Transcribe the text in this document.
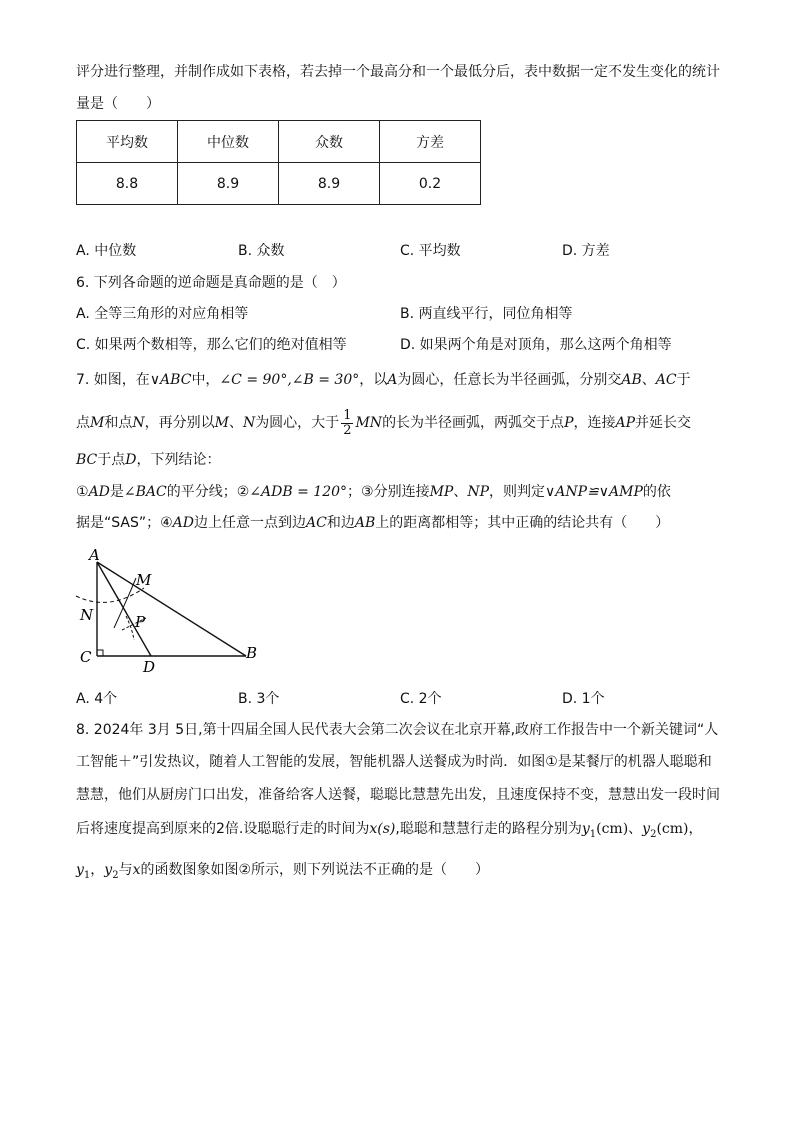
评分进行整理，并制作成如下表格，若去掉一个最高分和一个最低分后，表中数据一定不发生变化的统计
量是（　　）
平均数	中位数	众数	方差
8.8	8.9	8.9	0.2
A. 中位数	B. 众数	C. 平均数	D. 方差
6. 下列各命题的逆命题是真命题的是（　）
A. 全等三角形的对应角相等	B. 两直线平行，同位角相等
C. 如果两个数相等，那么它们的绝对值相等	D. 如果两个角是对顶角，那么这两个角相等
7. 如图，在∨ABC中，∠C = 90°,∠B = 30°，以A为圆心，任意长为半径画弧，分别交AB、AC于
点M和点N，再分别以M、N为圆心，大于 $\frac{1}{2}$ MN的长为半径画弧，两弧交于点P，连接AP并延长交
BC于点D，下列结论：
①AD是∠BAC的平分线；②∠ADB = 120°；③分别连接MP、NP，则判定∨ANP≌∨AMP的依
据是“SAS”；④AD边上任意一点到边AC和边AB上的距离都相等；其中正确的结论共有（　　）
A
M
N	P
C
D
B
A. 4个	B. 3个	C. 2个	D. 1个
8. 2024年 3月 5日,第十四届全国人民代表大会第二次会议在北京开幕,政府工作报告中一个新关键词“人
工智能＋”引发热议，随着人工智能的发展，智能机器人送餐成为时尚．如图①是某餐厅的机器人聪聪和
慧慧，他们从厨房门口出发，准备给客人送餐，聪聪比慧慧先出发，且速度保持不变，慧慧出发一段时间
后将速度提高到原来的2倍.设聪聪行走的时间为x(s),聪聪和慧慧行走的路程分别为$y_1(cm)$、$y_2(cm)$，
$y_1$，$y_2$与x的函数图象如图②所示，则下列说法不正确的是（　　）
